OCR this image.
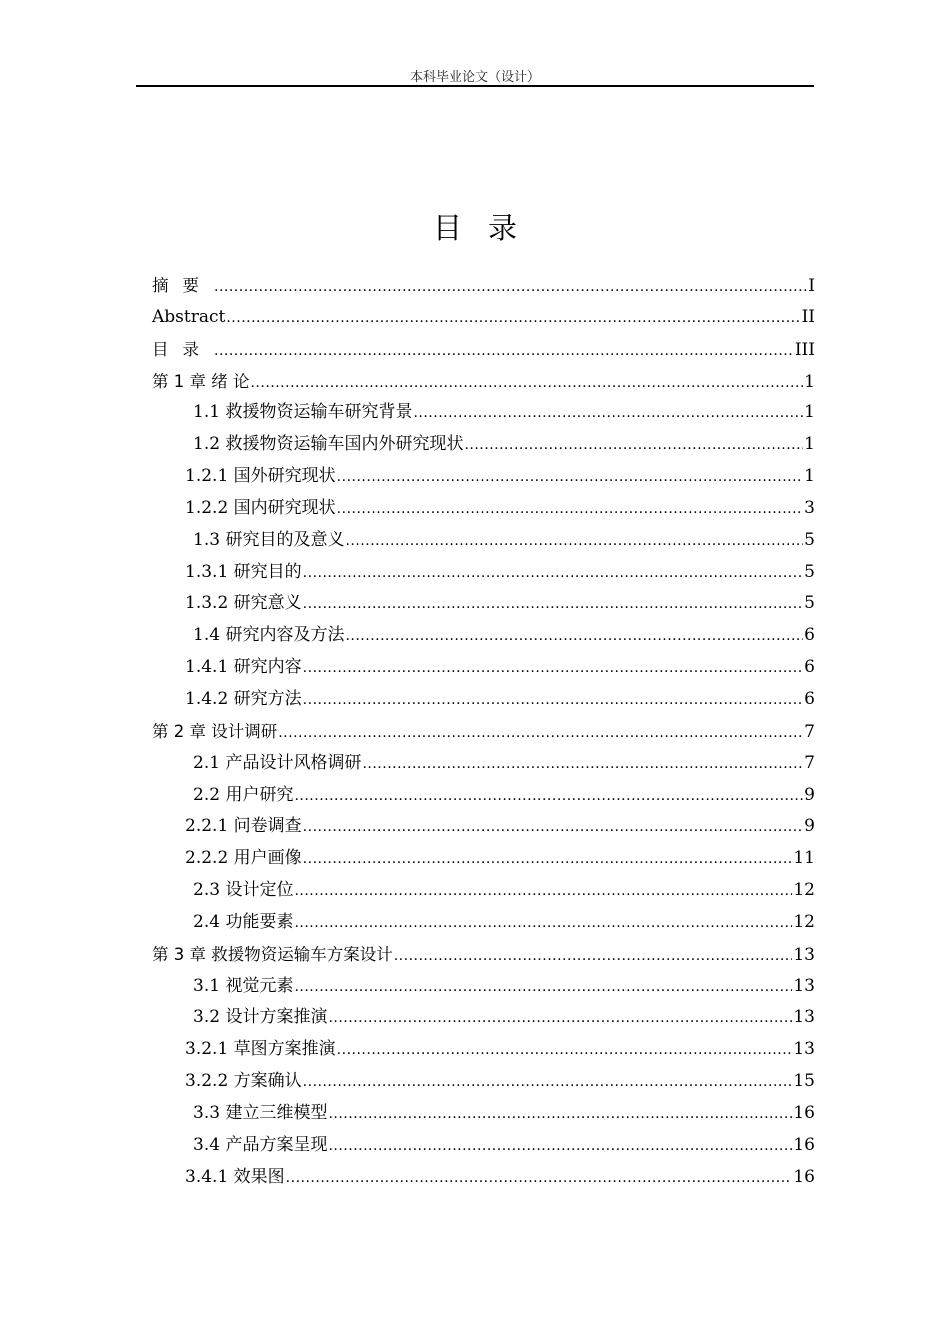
本科毕业论文（设计）
目录
摘要 .....	I
Abstract .....	II
目录 .....	III
第 1 章 绪 论 .....	1
1.1 救援物资运输车研究背景 .....	1
1.2 救援物资运输车国内外研究现状 .....	1
1.2.1 国外研究现状 .....	1
1.2.2 国内研究现状 .....	3
1.3 研究目的及意义 .....	5
1.3.1 研究目的 .....	5
1.3.2 研究意义 .....	5
1.4 研究内容及方法 .....	6
1.4.1 研究内容 .....	6
1.4.2 研究方法 .....	6
第 2 章 设计调研 .....	7
2.1 产品设计风格调研 .....	7
2.2 用户研究 .....	9
2.2.1 问卷调查 .....	9
2.2.2 用户画像 .....	11
2.3 设计定位 .....	12
2.4 功能要素 .....	12
第 3 章 救援物资运输车方案设计 .....	13
3.1 视觉元素 .....	13
3.2 设计方案推演 .....	13
3.2.1 草图方案推演 .....	13
3.2.2 方案确认 .....	15
3.3 建立三维模型 .....	16
3.4 产品方案呈现 .....	16
3.4.1 效果图 .....	16
